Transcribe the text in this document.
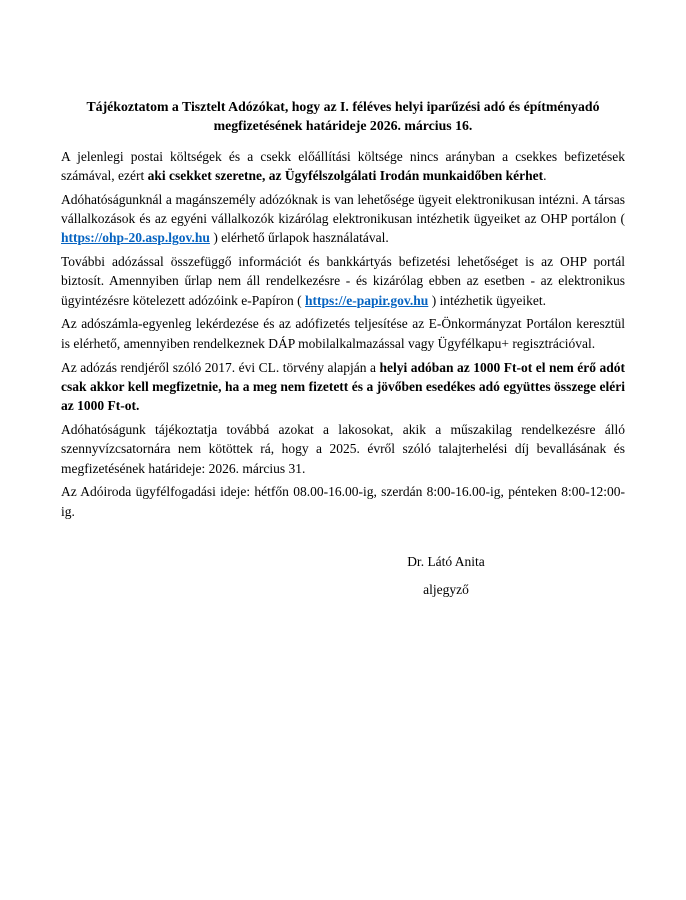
Tájékoztatom a Tisztelt Adózókat, hogy az I. féléves helyi iparűzési adó és építményadó megfizetésének határideje 2026. március 16.

A jelenlegi postai költségek és a csekk előállítási költsége nincs arányban a csekkes befizetések számával, ezért aki csekket szeretne, az Ügyfélszolgálati Irodán munkaidőben kérhet.

Adóhatóságunknál a magánszemély adózóknak is van lehetősége ügyeit elektronikusan intézni. A társas vállalkozások és az egyéni vállalkozók kizárólag elektronikusan intézhetik ügyeiket az OHP portálon ( https://ohp-20.asp.lgov.hu ) elérhető űrlapok használatával.

További adózással összefüggő információt és bankkártyás befizetési lehetőséget is az OHP portál biztosít. Amennyiben űrlap nem áll rendelkezésre - és kizárólag ebben az esetben - az elektronikus ügyintézésre kötelezett adózóink e-Papíron ( https://e-papir.gov.hu ) intézhetik ügyeiket.

Az adószámla-egyenleg lekérdezése és az adófizetés teljesítése az E-Önkormányzat Portálon keresztül is elérhető, amennyiben rendelkeznek DÁP mobilalkalmazással vagy Ügyfélkapu+ regisztrációval.

Az adózás rendjéről szóló 2017. évi CL. törvény alapján a helyi adóban az 1000 Ft-ot el nem érő adót csak akkor kell megfizetnie, ha a meg nem fizetett és a jövőben esedékes adó együttes összege eléri az 1000 Ft-ot.

Adóhatóságunk tájékoztatja továbbá azokat a lakosokat, akik a műszakilag rendelkezésre álló szennyvízcsatornára nem kötöttek rá, hogy a 2025. évről szóló talajterhelési díj bevallásának és megfizetésének határideje: 2026. március 31.

Az Adóiroda ügyfélfogadási ideje: hétfőn 08.00-16.00-ig, szerdán 8:00-16.00-ig, pénteken 8:00-12:00-ig.

Dr. Látó Anita
aljegyző
